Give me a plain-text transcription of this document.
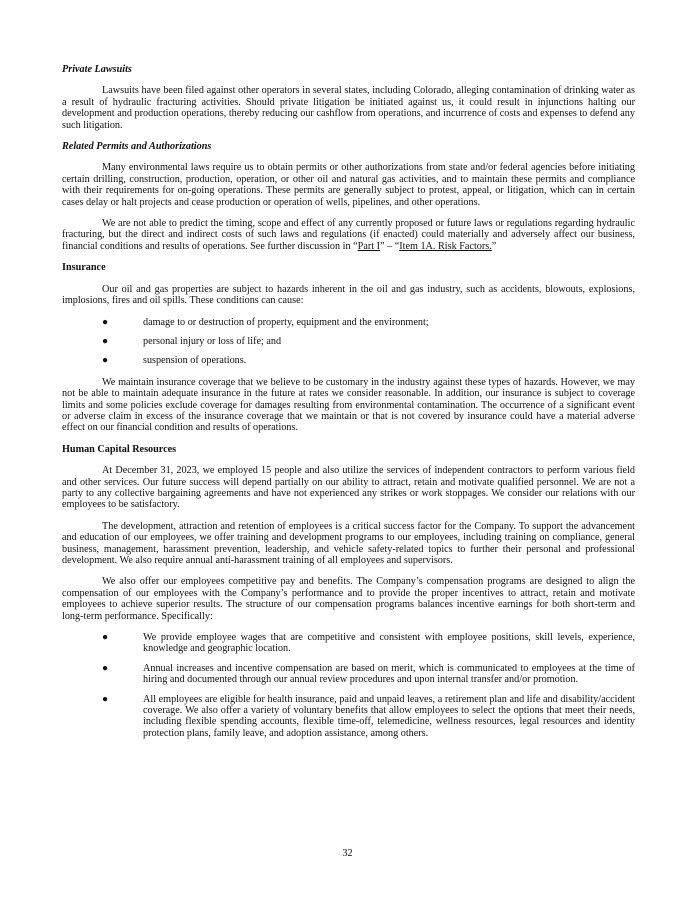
Private Lawsuits

Lawsuits have been filed against other operators in several states, including Colorado, alleging contamination of drinking water as a result of hydraulic fracturing activities. Should private litigation be initiated against us, it could result in injunctions halting our development and production operations, thereby reducing our cashflow from operations, and incurrence of costs and expenses to defend any such litigation.

Related Permits and Authorizations

Many environmental laws require us to obtain permits or other authorizations from state and/or federal agencies before initiating certain drilling, construction, production, operation, or other oil and natural gas activities, and to maintain these permits and compliance with their requirements for on-going operations. These permits are generally subject to protest, appeal, or litigation, which can in certain cases delay or halt projects and cease production or operation of wells, pipelines, and other operations.

We are not able to predict the timing, scope and effect of any currently proposed or future laws or regulations regarding hydraulic fracturing, but the direct and indirect costs of such laws and regulations (if enacted) could materially and adversely affect our business, financial conditions and results of operations. See further discussion in “Part I” – “Item 1A. Risk Factors.”

Insurance

Our oil and gas properties are subject to hazards inherent in the oil and gas industry, such as accidents, blowouts, explosions, implosions, fires and oil spills. These conditions can cause:

●	damage to or destruction of property, equipment and the environment;
●	personal injury or loss of life; and
●	suspension of operations.

We maintain insurance coverage that we believe to be customary in the industry against these types of hazards. However, we may not be able to maintain adequate insurance in the future at rates we consider reasonable. In addition, our insurance is subject to coverage limits and some policies exclude coverage for damages resulting from environmental contamination. The occurrence of a significant event or adverse claim in excess of the insurance coverage that we maintain or that is not covered by insurance could have a material adverse effect on our financial condition and results of operations.

Human Capital Resources

At December 31, 2023, we employed 15 people and also utilize the services of independent contractors to perform various field and other services. Our future success will depend partially on our ability to attract, retain and motivate qualified personnel. We are not a party to any collective bargaining agreements and have not experienced any strikes or work stoppages. We consider our relations with our employees to be satisfactory.

The development, attraction and retention of employees is a critical success factor for the Company. To support the advancement and education of our employees, we offer training and development programs to our employees, including training on compliance, general business, management, harassment prevention, leadership, and vehicle safety-related topics to further their personal and professional development. We also require annual anti-harassment training of all employees and supervisors.

We also offer our employees competitive pay and benefits. The Company’s compensation programs are designed to align the compensation of our employees with the Company’s performance and to provide the proper incentives to attract, retain and motivate employees to achieve superior results. The structure of our compensation programs balances incentive earnings for both short-term and long-term performance. Specifically:

●	We provide employee wages that are competitive and consistent with employee positions, skill levels, experience, knowledge and geographic location.
●	Annual increases and incentive compensation are based on merit, which is communicated to employees at the time of hiring and documented through our annual review procedures and upon internal transfer and/or promotion.
●	All employees are eligible for health insurance, paid and unpaid leaves, a retirement plan and life and disability/accident coverage. We also offer a variety of voluntary benefits that allow employees to select the options that meet their needs, including flexible spending accounts, flexible time-off, telemedicine, wellness resources, legal resources and identity protection plans, family leave, and adoption assistance, among others.
32
